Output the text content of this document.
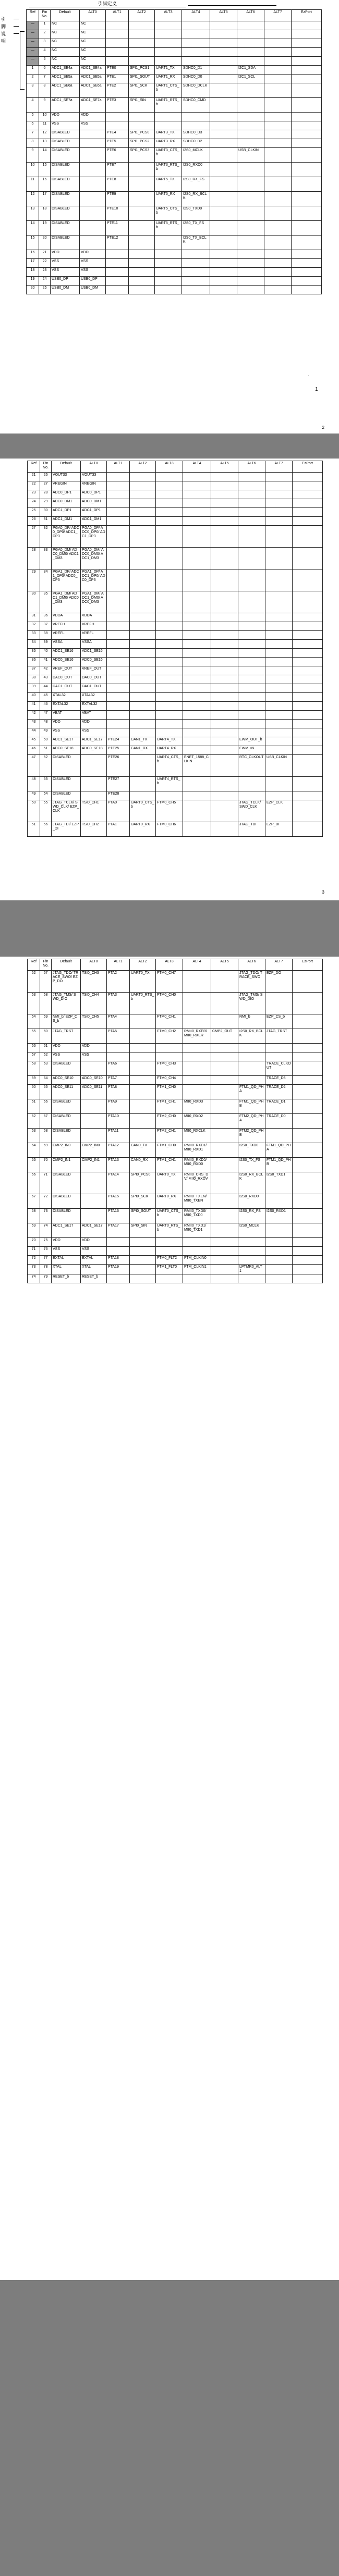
引脚定义
引
脚
说
明
Ref	Pin No.	Default	ALT0	ALT1	ALT2	ALT3	ALT4	ALT5	ALT6	ALT7	EzPort
—	1	NC	NC								
—	2	NC	NC								
—	3	NC	NC								
—	4	NC	NC								
—	5	NC	NC								
1	6	ADC1_SE4a	ADC1_SE4a	PTE0	SPI1_PCS1	UART1_TX	SDHC0_D1		I2C1_SDA		
2	7	ADC1_SE5a	ADC1_SE5a	PTE1	SPI1_SOUT	UART1_RX	SDHC0_D0		I2C1_SCL		
3	8	ADC1_SE6a	ADC1_SE6a	PTE2	SPI1_SCK	UART1_CTS_b	SDHC0_DCLK				
4	9	ADC1_SE7a	ADC1_SE7a	PTE3	SPI1_SIN	UART1_RTS_b	SDHC0_CMD				
5	10	VDD	VDD								
6	11	VSS	VSS								
7	12	DISABLED		PTE4	SPI1_PCS0	UART3_TX	SDHC0_D3				
8	13	DISABLED		PTE5	SPI1_PCS2	UART3_RX	SDHC0_D2				
9	14	DISABLED		PTE6	SPI1_PCS3	UART3_CTS_b	I2S0_MCLK		USB_CLKIN		
10	15	DISABLED		PTE7		UART3_RTS_b	I2S0_RXD0				
11	16	DISABLED		PTE8		UART5_TX	I2S0_RX_FS				
12	17	DISABLED		PTE9		UART5_RX	I2S0_RX_BCLK				
13	18	DISABLED		PTE10		UART5_CTS_b	I2S0_TXD0				
14	19	DISABLED		PTE11		UART5_RTS_b	I2S0_TX_FS				
15	20	DISABLED		PTE12			I2S0_TX_BCLK				
16	21	VDD	VDD								
17	22	VSS	VSS								
18	23	VSS	VSS								
19	24	USB0_DP	USB0_DP								
20	25	USB0_DM	USB0_DM								
.
1
2
Ref	Pin No.	Default	ALT0	ALT1	ALT2	ALT3	ALT4	ALT5	ALT6	ALT7	EzPort
21	26	VOUT33	VOUT33								
22	27	VREGIN	VREGIN								
23	28	ADC0_DP1	ADC0_DP1								
24	29	ADC0_DM1	ADC0_DM1								
25	30	ADC1_DP1	ADC1_DP1								
26	31	ADC1_DM1	ADC1_DM1								
27	32	PGA0_DP/ ADC0_DP0/ ADC1_DP3	PGA0_DP/ ADC0_DP0/ ADC1_DP3								
28	33	PGA0_DM/ ADC0_DM0/ ADC1_DM3	PGA0_DM/ ADC0_DM0/ ADC1_DM3								
29	34	PGA1_DP/ ADC1_DP0/ ADC0_DP3	PGA1_DP/ ADC1_DP0/ ADC0_DP3								
30	35	PGA1_DM/ ADC1_DM0/ ADC0_DM3	PGA1_DM/ ADC1_DM0/ ADC0_DM3								
31	36	VDDA	VDDA								
32	37	VREFH	VREFH								
33	38	VREFL	VREFL								
34	39	VSSA	VSSA								
35	40	ADC1_SE16	ADC1_SE16								
36	41	ADC0_SE16	ADC0_SE16								
37	42	VREF_OUT	VREF_OUT								
38	43	DAC0_OUT	DAC0_OUT								
39	44	DAC1_OUT	DAC1_OUT								
40	45	XTAL32	XTAL32								
41	46	EXTAL32	EXTAL32								
42	47	VBAT	VBAT								
43	48	VDD	VDD								
44	49	VSS	VSS								
45	50	ADC1_SE17	ADC1_SE17	PTE24	CAN1_TX	UART4_TX			EWM_OUT_b		
46	51	ADC0_SE18	ADC0_SE18	PTE25	CAN1_RX	UART4_RX			EWM_IN		
47	52	DISABLED		PTE26		UART4_CTS_b	ENET_1588_CLKIN		RTC_CLKOUT	USB_CLKIN	
48	53	DISABLED		PTE27		UART4_RTS_b					
49	54	DISABLED		PTE28							
50	55	JTAG_TCLK/ SWD_CLK/ EZP_CLK	TSI0_CH1	PTA0	UART0_CTS_b	FTM0_CH5			JTAG_TCLK/ SWD_CLK	EZP_CLK	
51	56	JTAG_TDI/ EZP_DI	TSI0_CH2	PTA1	UART0_RX	FTM0_CH6			JTAG_TDI	EZP_DI	
3
Ref	Pin No.	Default	ALT0	ALT1	ALT2	ALT3	ALT4	ALT5	ALT6	ALT7	EzPort
52	57	JTAG_TDO/ TRACE_SWO/ EZP_DO	TSI0_CH3	PTA2	UART0_TX	FTM0_CH7			JTAG_TDO/ TRACE_SWO	EZP_DO	
53	58	JTAG_TMS/ SWD_DIO	TSI0_CH4	PTA3	UART0_RTS_b	FTM0_CH0			JTAG_TMS/ SWD_DIO		
54	59	NMI_b/ EZP_CS_b	TSI0_CH5	PTA4		FTM0_CH1			NMI_b	EZP_CS_b	
55	60	JTAG_TRST		PTA5		FTM0_CH2	RMII0_RXER/ MII0_RXER	CMP2_OUT	I2S0_RX_BCLK	JTAG_TRST	
56	61	VDD	VDD								
57	62	VSS	VSS								
58	63	DISABLED		PTA6		FTM0_CH3				TRACE_CLKOUT	
59	64	ADC0_SE10	ADC0_SE10	PTA7		FTM0_CH4				TRACE_D3	
60	65	ADC0_SE11	ADC0_SE11	PTA8		FTM1_CH0			FTM1_QD_PHA	TRACE_D2	
61	66	DISABLED		PTA9		FTM1_CH1	MII0_RXD3		FTM1_QD_PHB	TRACE_D1	
62	67	DISABLED		PTA10		FTM2_CH0	MII0_RXD2		FTM2_QD_PHA	TRACE_D0	
63	68	DISABLED		PTA11		FTM2_CH1	MII0_RXCLK		FTM2_QD_PHB		
64	69	CMP2_IN0	CMP2_IN0	PTA12	CAN0_TX	FTM1_CH0	RMII0_RXD1/ MII0_RXD1		I2S0_TXD0	FTM1_QD_PHA	
65	70	CMP2_IN1	CMP2_IN1	PTA13	CAN0_RX	FTM1_CH1	RMII0_RXD0/ MII0_RXD0		I2S0_TX_FS	FTM1_QD_PHB	
66	71	DISABLED		PTA14	SPI0_PCS0	UART0_TX	RMII0_CRS_DV/ MII0_RXDV		I2S0_RX_BCLK	I2S0_TXD1	
67	72	DISABLED		PTA15	SPI0_SCK	UART0_RX	RMII0_TXEN/ MII0_TXEN		I2S0_RXD0		
68	73	DISABLED		PTA16	SPI0_SOUT	UART0_CTS_b	RMII0_TXD0/ MII0_TXD0		I2S0_RX_FS	I2S0_RXD1	
69	74	ADC1_SE17	ADC1_SE17	PTA17	SPI0_SIN	UART0_RTS_b	RMII0_TXD1/ MII0_TXD1		I2S0_MCLK		
70	75	VDD	VDD								
71	76	VSS	VSS								
72	77	EXTAL	EXTAL	PTA18		FTM0_FLT2	FTM_CLKIN0				
73	78	XTAL	XTAL	PTA19		FTM1_FLT0	FTM_CLKIN1		LPTMR0_ALT1		
74	79	RESET_b	RESET_b								
